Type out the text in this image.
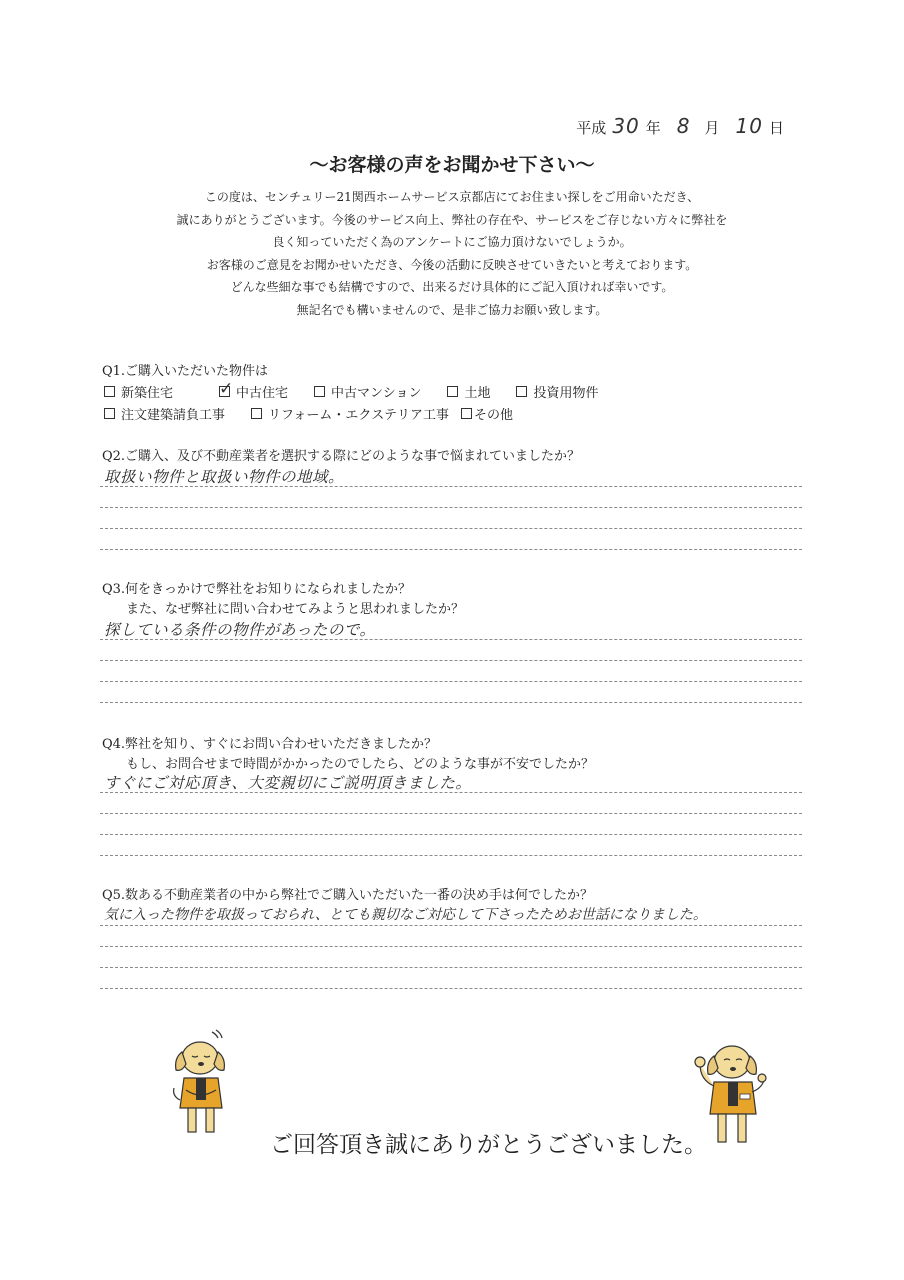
平成 30 年 8 月 10 日
〜お客様の声をお聞かせ下さい〜
この度は、センチュリー21関西ホームサービス京都店にてお住まい探しをご用命いただき、
誠にありがとうございます。今後のサービス向上、弊社の存在や、サービスをご存じない方々に弊社を
良く知っていただく為のアンケートにご協力頂けないでしょうか。
お客様のご意見をお聞かせいただき、今後の活動に反映させていきたいと考えております。
どんな些細な事でも結構ですので、出来るだけ具体的にご記入頂ければ幸いです。
無記名でも構いませんので、是非ご協力お願い致します。
Q1.ご購入いただいた物件は
新築住宅
✓	中古住宅	中古マンション	土地	投資用物件
注文建築請負工事	リフォーム・エクステリア工事 その他
Q2.ご購入、及び不動産業者を選択する際にどのような事で悩まれていましたか？
取扱い物件と取扱い物件の地域。
Q3.何をきっかけで弊社をお知りになられましたか？
また、なぜ弊社に問い合わせてみようと思われましたか？
探している条件の物件があったので。
Q4.弊社を知り、すぐにお問い合わせいただきましたか？
もし、お問合せまで時間がかかったのでしたら、どのような事が不安でしたか？
すぐにご対応頂き、大変親切にご説明頂きました。
Q5.数ある不動産業者の中から弊社でご購入いただいた一番の決め手は何でしたか？
気に入った物件を取扱っておられ、とても親切なご対応して下さったためお世話になりました。
ご回答頂き誠にありがとうございました。
